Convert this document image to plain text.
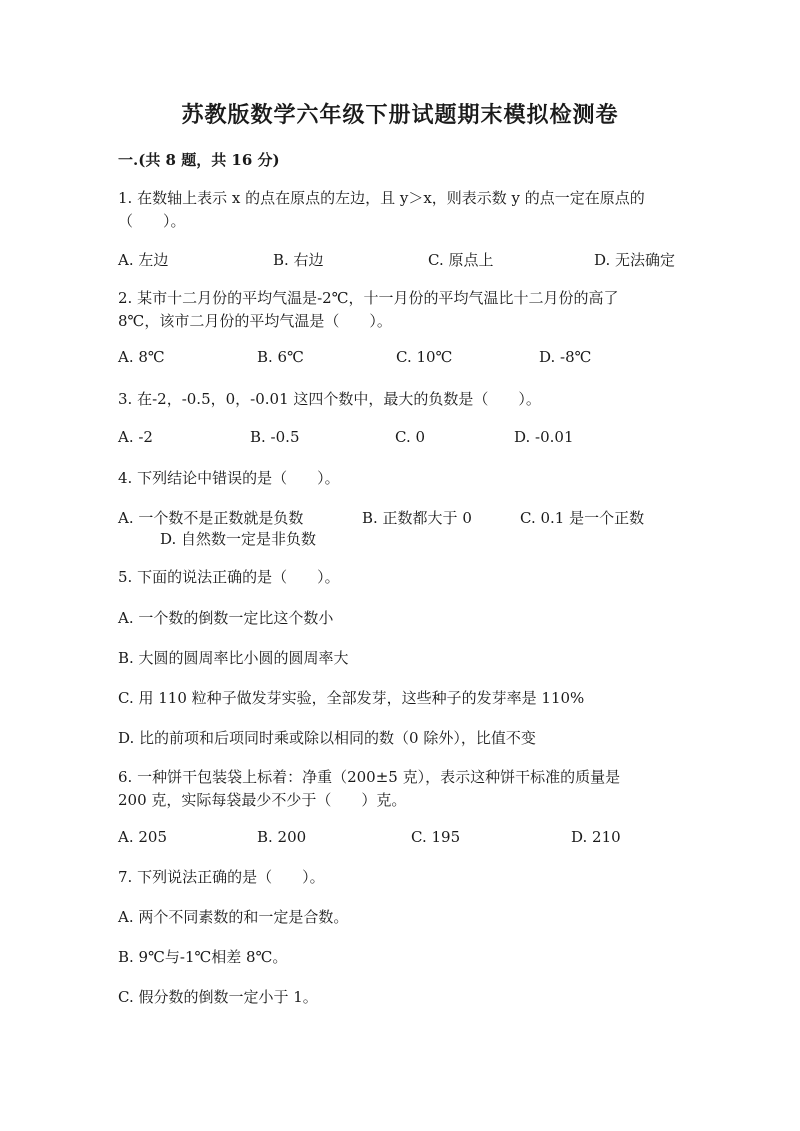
苏教版数学六年级下册试题期末模拟检测卷
一.(共 8 题，共 16 分)
1. 在数轴上表示 x 的点在原点的左边，且 y＞x，则表示数 y 的点一定在原点的
（　　）。
A. 左边	B. 右边	C. 原点上	D. 无法确定
2. 某市十二月份的平均气温是-2℃，十一月份的平均气温比十二月份的高了
8℃，该市二月份的平均气温是（　　）。
A. 8℃	B. 6℃	C. 10℃	D. -8℃
3. 在-2，-0.5，0，-0.01 这四个数中，最大的负数是（　　）。
A. -2	B. -0.5	C. 0	D. -0.01
4. 下列结论中错误的是（　　）。
A. 一个数不是正数就是负数	B. 正数都大于 0	C. 0.1 是一个正数
D. 自然数一定是非负数
5. 下面的说法正确的是（　　）。
A. 一个数的倒数一定比这个数小
B. 大圆的圆周率比小圆的圆周率大
C. 用 110 粒种子做发芽实验，全部发芽，这些种子的发芽率是 110%
D. 比的前项和后项同时乘或除以相同的数（0 除外），比值不变
6. 一种饼干包装袋上标着：净重（200±5 克），表示这种饼干标准的质量是
200 克，实际每袋最少不少于（　　）克。
A. 205	B. 200	C. 195	D. 210
7. 下列说法正确的是（　　）。
A. 两个不同素数的和一定是合数。
B. 9℃与-1℃相差 8℃。
C. 假分数的倒数一定小于 1。
